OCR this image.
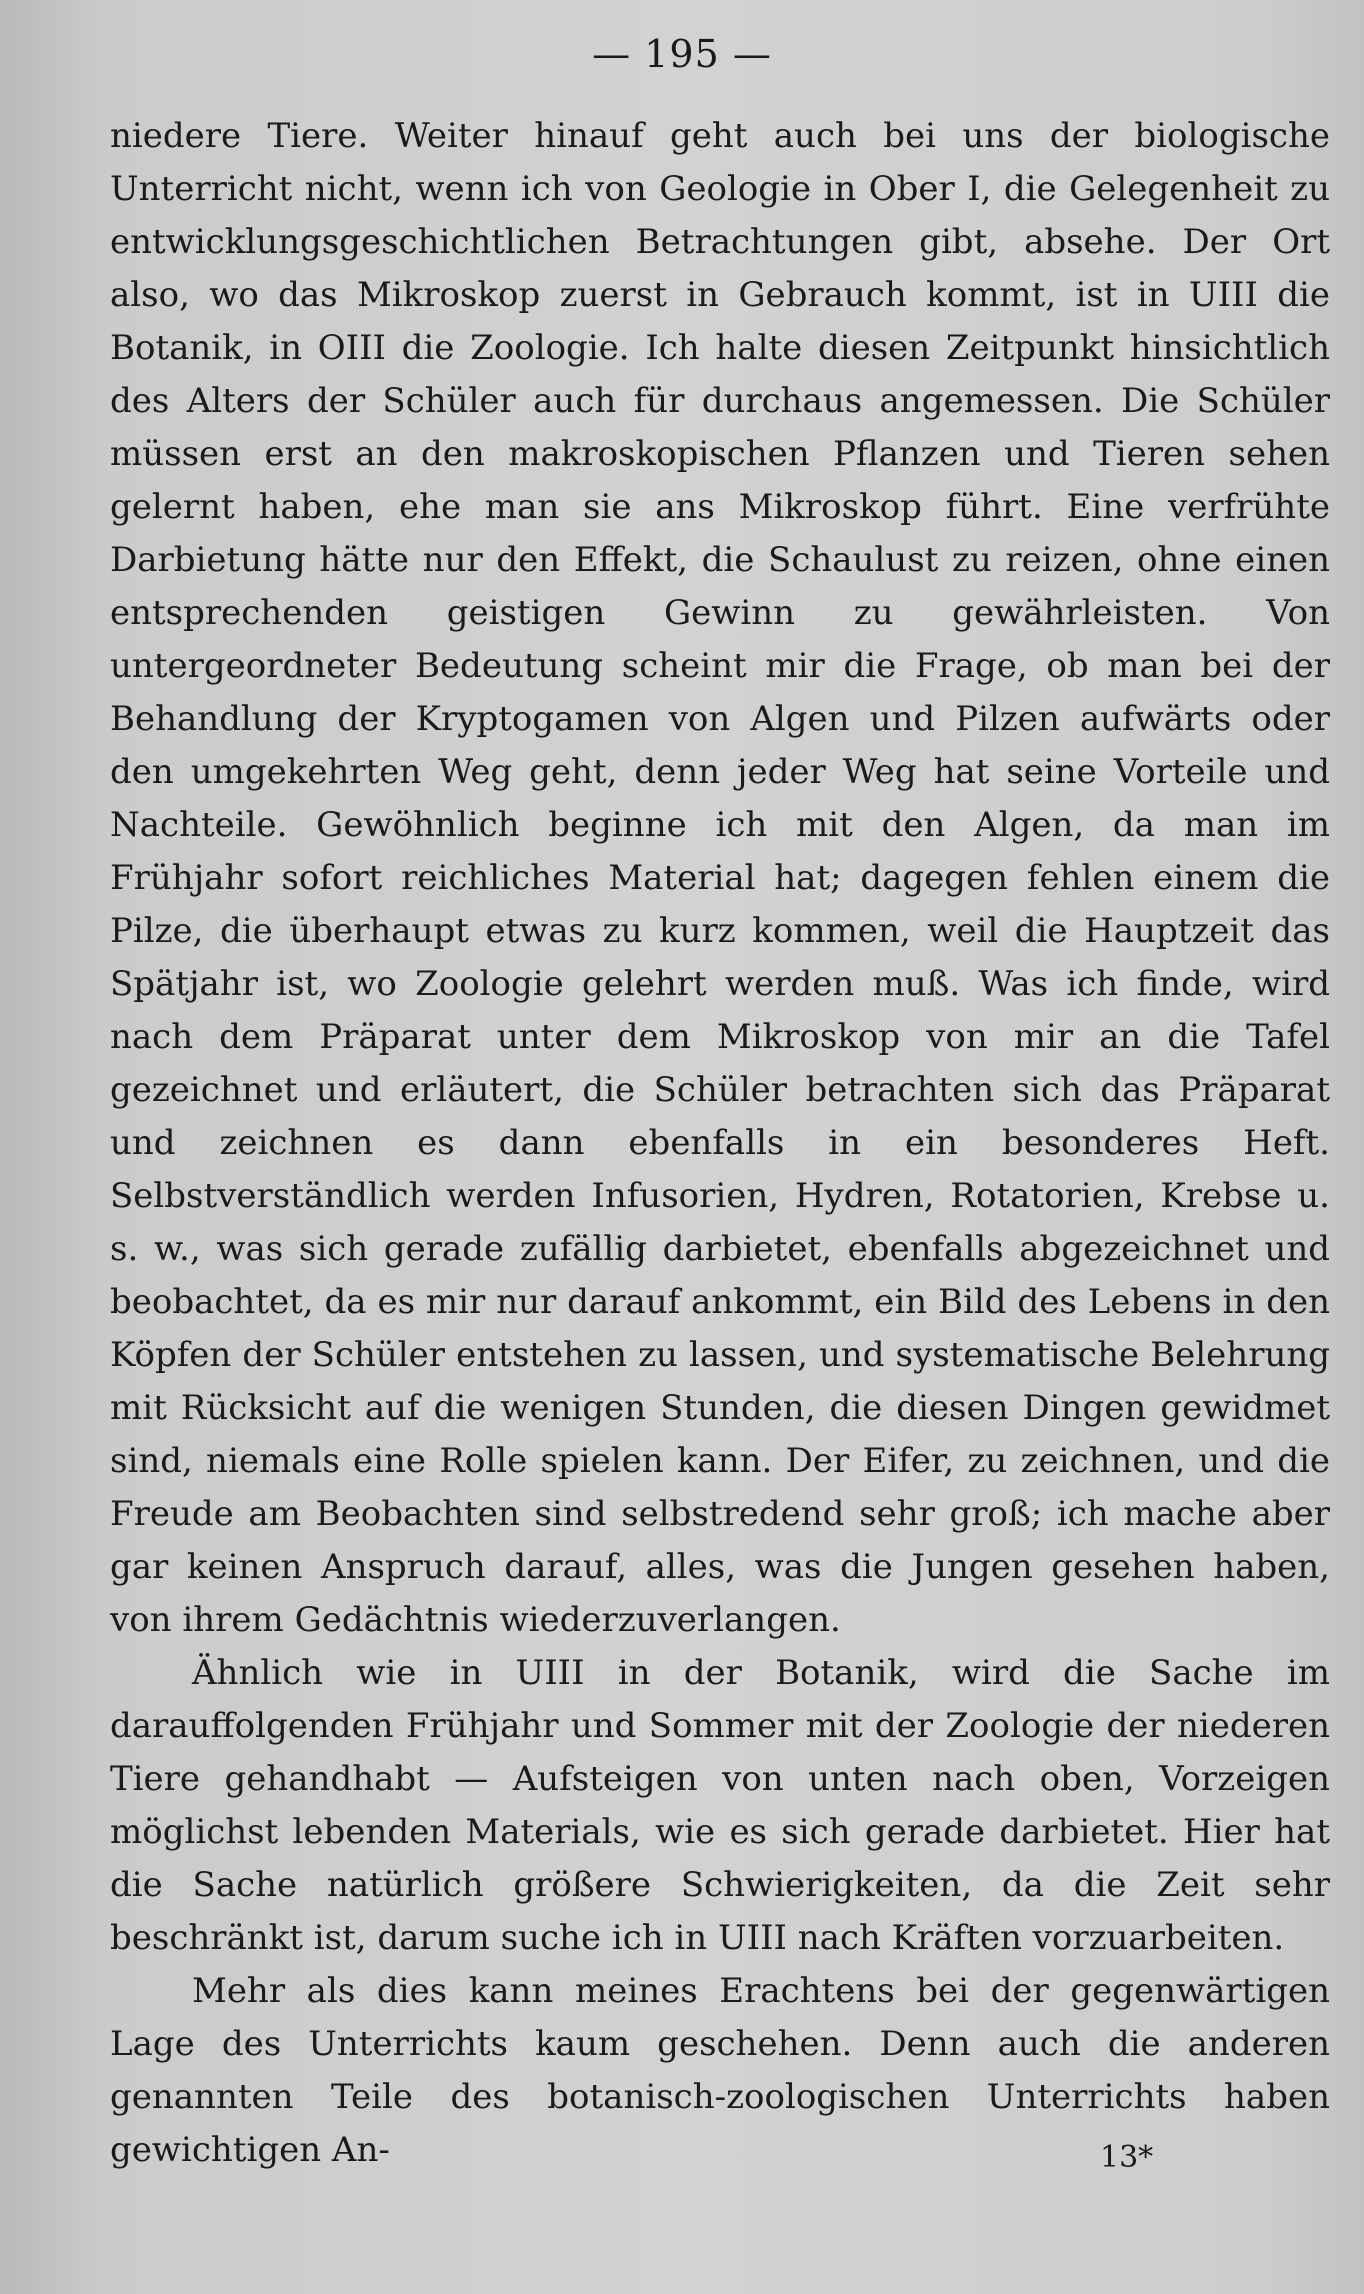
— 195 —

niedere Tiere. Weiter hinauf geht auch bei uns der biologische Unterricht nicht, wenn ich von Geologie in Ober I, die Gelegenheit zu entwicklungsgeschichtlichen Betrachtungen gibt, absehe. Der Ort also, wo das Mikroskop zuerst in Gebrauch kommt, ist in UIII die Botanik, in OIII die Zoologie. Ich halte diesen Zeitpunkt hinsichtlich des Alters der Schüler auch für durchaus angemessen. Die Schüler müssen erst an den makroskopischen Pflanzen und Tieren sehen gelernt haben, ehe man sie ans Mikroskop führt. Eine verfrühte Darbietung hätte nur den Effekt, die Schaulust zu reizen, ohne einen entsprechenden geistigen Gewinn zu gewährleisten. Von untergeordneter Bedeutung scheint mir die Frage, ob man bei der Behandlung der Kryptogamen von Algen und Pilzen aufwärts oder den umgekehrten Weg geht, denn jeder Weg hat seine Vorteile und Nachteile. Gewöhnlich beginne ich mit den Algen, da man im Frühjahr sofort reichliches Material hat; dagegen fehlen einem die Pilze, die überhaupt etwas zu kurz kommen, weil die Hauptzeit das Spätjahr ist, wo Zoologie gelehrt werden muß. Was ich finde, wird nach dem Präparat unter dem Mikroskop von mir an die Tafel gezeichnet und erläutert, die Schüler betrachten sich das Präparat und zeichnen es dann ebenfalls in ein besonderes Heft. Selbstverständlich werden Infusorien, Hydren, Rotatorien, Krebse u. s. w., was sich gerade zufällig darbietet, ebenfalls abgezeichnet und beobachtet, da es mir nur darauf ankommt, ein Bild des Lebens in den Köpfen der Schüler entstehen zu lassen, und systematische Belehrung mit Rücksicht auf die wenigen Stunden, die diesen Dingen gewidmet sind, niemals eine Rolle spielen kann. Der Eifer, zu zeichnen, und die Freude am Beobachten sind selbstredend sehr groß; ich mache aber gar keinen Anspruch darauf, alles, was die Jungen gesehen haben, von ihrem Gedächtnis wiederzuverlangen.

Ähnlich wie in UIII in der Botanik, wird die Sache im darauffolgenden Frühjahr und Sommer mit der Zoologie der niederen Tiere gehandhabt — Aufsteigen von unten nach oben, Vorzeigen möglichst lebenden Materials, wie es sich gerade darbietet. Hier hat die Sache natürlich größere Schwierigkeiten, da die Zeit sehr beschränkt ist, darum suche ich in UIII nach Kräften vorzuarbeiten.

Mehr als dies kann meines Erachtens bei der gegenwärtigen Lage des Unterrichts kaum geschehen. Denn auch die anderen genannten Teile des botanisch-zoologischen Unterrichts haben gewichtigen An-	13*
